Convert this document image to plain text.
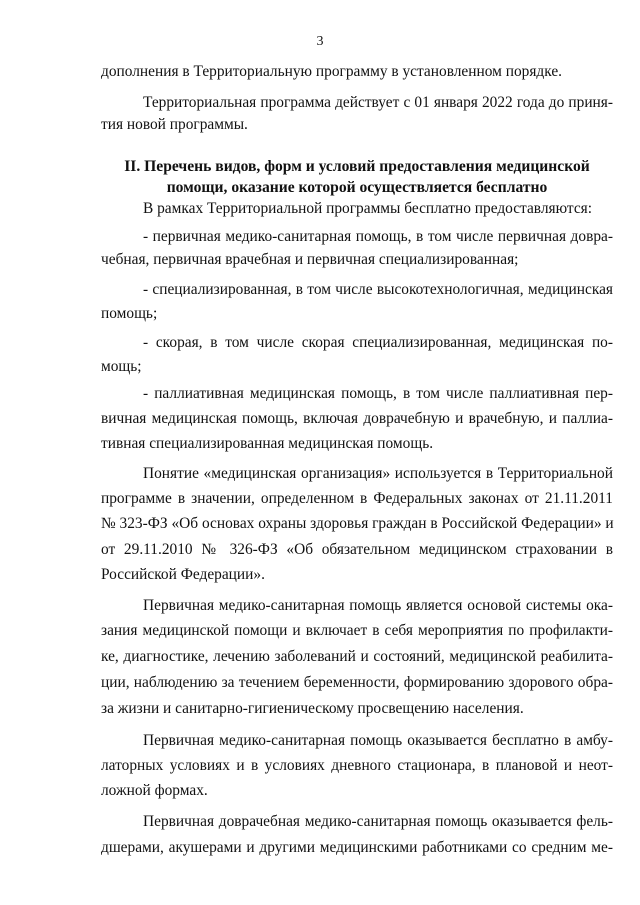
3
дополнения в Территориальную программу в установленном порядке.
Территориальная программа действует с 01 января 2022 года до приня-
тия новой программы.
II. Перечень видов, форм и условий предоставления медицинской
помощи, оказание которой осуществляется бесплатно
В рамках Территориальной программы бесплатно предоставляются:
- первичная медико-санитарная помощь, в том числе первичная довра-
чебная, первичная врачебная и первичная специализированная;
- специализированная, в том числе высокотехнологичная, медицинская
помощь;
- скорая, в том числе скорая специализированная, медицинская по-
мощь;
- паллиативная медицинская помощь, в том числе паллиативная пер-
вичная медицинская помощь, включая доврачебную и врачебную, и паллиа-
тивная специализированная медицинская помощь.
Понятие «медицинская организация» используется в Территориальной
программе в значении, определенном в Федеральных законах от 21.11.2011
№ 323-ФЗ «Об основах охраны здоровья граждан в Российской Федерации» и
от 29.11.2010 № 326-ФЗ «Об обязательном медицинском страховании в
Российской Федерации».
Первичная медико-санитарная помощь является основой системы ока-
зания медицинской помощи и включает в себя мероприятия по профилакти-
ке, диагностике, лечению заболеваний и состояний, медицинской реабилита-
ции, наблюдению за течением беременности, формированию здорового обра-
за жизни и санитарно-гигиеническому просвещению населения.
Первичная медико-санитарная помощь оказывается бесплатно в амбу-
латорных условиях и в условиях дневного стационара, в плановой и неот-
ложной формах.
Первичная доврачебная медико-санитарная помощь оказывается фель-
дшерами, акушерами и другими медицинскими работниками со средним ме-
